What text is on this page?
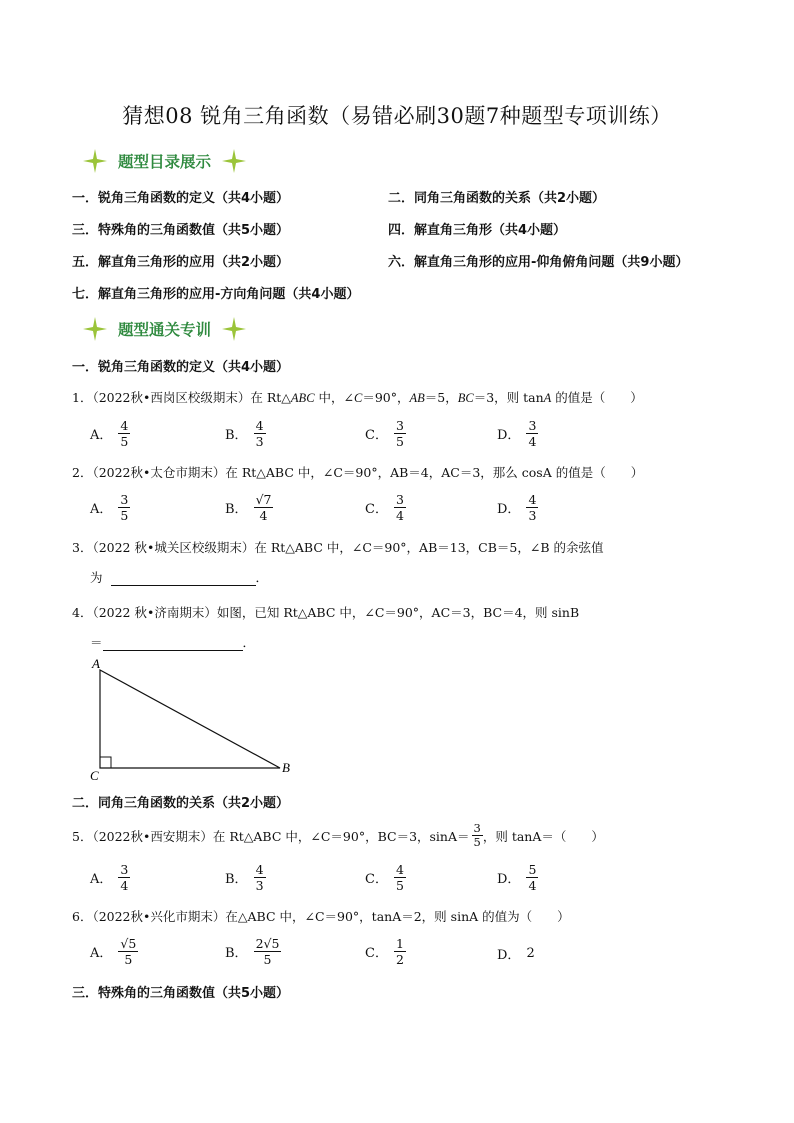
猜想08 锐角三角函数（易错必刷30题7种题型专项训练）
题型目录展示
一．锐角三角函数的定义（共4小题）	二．同角三角函数的关系（共2小题）
三．特殊角的三角函数值（共5小题）	四．解直角三角形（共4小题）
五．解直角三角形的应用（共2小题）	六．解直角三角形的应用-仰角俯角问题（共9小题）
七．解直角三角形的应用-方向角问题（共4小题）
题型通关专训
一．锐角三角函数的定义（共4小题）
1．（2022秋•西岗区校级期末）在 Rt△ABC 中，∠C＝90°，AB＝5，BC＝3，则 tanA 的值是（　　）
A． $\frac{4}{5}$	B． $\frac{4}{3}$	C． $\frac{3}{5}$	D． $\frac{3}{4}$
2．（2022秋•太仓市期末）在 Rt△ABC 中，∠C＝90°，AB＝4，AC＝3，那么 cosA 的值是（　　）
A． $\frac{3}{5}$	B． $\frac{√7}{4}$	C． $\frac{3}{4}$	D． $\frac{4}{3}$
3．（2022 秋•城关区校级期末）在 Rt△ABC 中，∠C＝90°，AB＝13，CB＝5，∠B 的余弦值
为	．
4．（2022 秋•济南期末）如图，已知 Rt△ABC 中，∠C＝90°，AC＝3，BC＝4，则 sinB
＝	．
A
C
B
二．同角三角函数的关系（共2小题）
5．（2022秋•西安期末）在 Rt△ABC 中，∠C＝90°，BC＝3，$\sin A= \frac{3}{5}$ ，则 tanA＝（　　）
A． $\frac{3}{4}$	B． $\frac{4}{3}$	C． $\frac{4}{5}$	D． $\frac{5}{4}$
6．（2022秋•兴化市期末）在△ABC 中，∠C＝90°，tanA＝2，则 sinA 的值为（　　）
A． $\frac{√5}{5}$	B． $\frac{2√5}{5}$	C． $\frac{1}{2}$	D． 2
三．特殊角的三角函数值（共5小题）
